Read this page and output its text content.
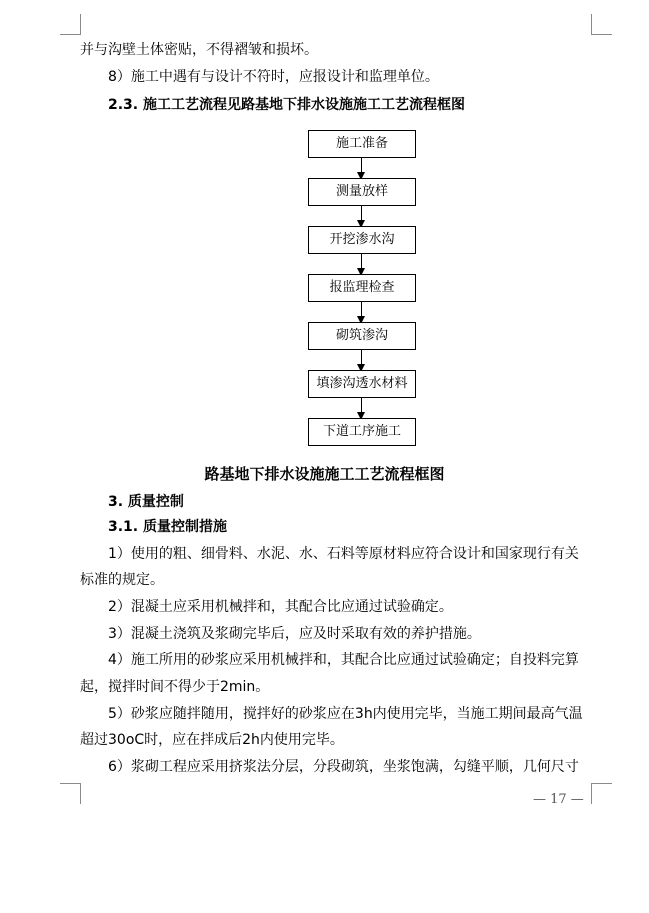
并与沟壁土体密贴，不得褶皱和损坏。
8）施工中遇有与设计不符时，应报设计和监理单位。
2.3. 施工工艺流程见路基地下排水设施施工工艺流程框图
施工准备
测量放样
开挖渗水沟
报监理检查
砌筑渗沟
填渗沟透水材料
下道工序施工
路基地下排水设施施工工艺流程框图
3. 质量控制
3.1. 质量控制措施
1）使用的粗、细骨料、水泥、水、石料等原材料应符合设计和国家现行有关
标准的规定。
2）混凝土应采用机械拌和，其配合比应通过试验确定。
3）混凝土浇筑及浆砌完毕后，应及时采取有效的养护措施。
4）施工所用的砂浆应采用机械拌和，其配合比应通过试验确定；自投料完算
起，搅拌时间不得少于2min。
5）砂浆应随拌随用，搅拌好的砂浆应在3h内使用完毕，当施工期间最高气温
超过30oC时，应在拌成后2h内使用完毕。
6）浆砌工程应采用挤浆法分层，分段砌筑，坐浆饱满，勾缝平顺，几何尺寸
— 17 —
